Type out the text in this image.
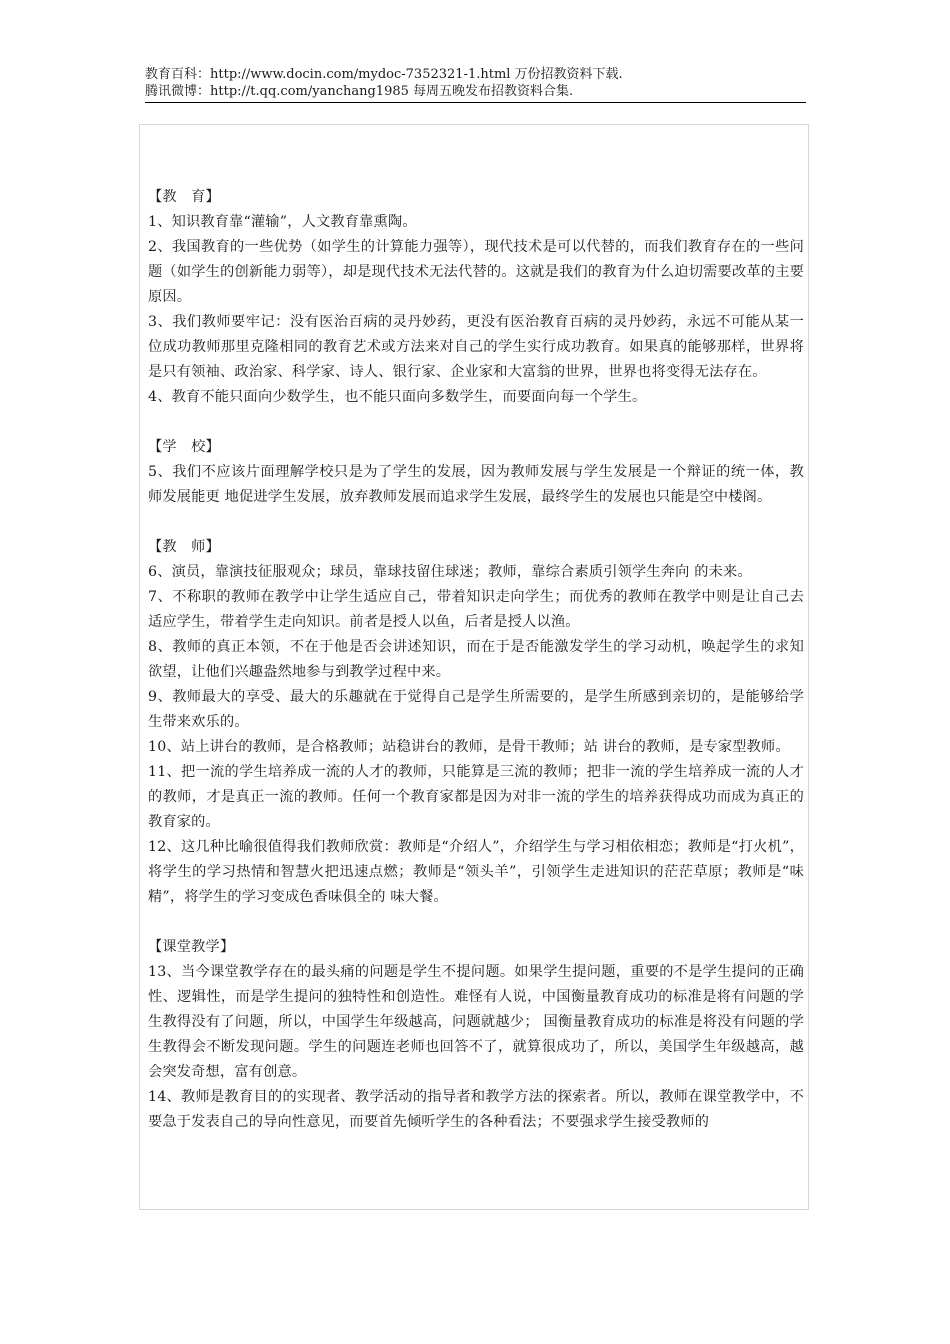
教育百科：http://www.docin.com/mydoc-7352321-1.html 万份招教资料下载.
腾讯微博：http://t.qq.com/yanchang1985 每周五晚发布招教资料合集.

【教　育】

1、知识教育靠“灌输”，人文教育靠熏陶。

2、我国教育的一些优势（如学生的计算能力强等），现代技术是可以代替的，而我们教育存在的一些问题（如学生的创新能力弱等），却是现代技术无法代替的。这就是我们的教育为什么迫切需要改革的主要原因。

3、我们教师要牢记：没有医治百病的灵丹妙药，更没有医治教育百病的灵丹妙药，永远不可能从某一位成功教师那里克隆相同的教育艺术或方法来对自己的学生实行成功教育。如果真的能够那样，世界将是只有领袖、政治家、科学家、诗人、银行家、企业家和大富翁的世界，世界也将变得无法存在。

4、教育不能只面向少数学生，也不能只面向多数学生，而要面向每一个学生。

【学　校】

5、我们不应该片面理解学校只是为了学生的发展，因为教师发展与学生发展是一个辩证的统一体，教师发展能更 地促进学生发展，放弃教师发展而追求学生发展，最终学生的发展也只能是空中楼阁。

【教　师】

6、演员，靠演技征服观众；球员，靠球技留住球迷；教师，靠综合素质引领学生奔向 的未来。

7、不称职的教师在教学中让学生适应自己，带着知识走向学生；而优秀的教师在教学中则是让自己去适应学生，带着学生走向知识。前者是授人以鱼，后者是授人以渔。

8、教师的真正本领，不在于他是否会讲述知识，而在于是否能激发学生的学习动机，唤起学生的求知欲望，让他们兴趣盎然地参与到教学过程中来。

9、教师最大的享受、最大的乐趣就在于觉得自己是学生所需要的，是学生所感到亲切的，是能够给学生带来欢乐的。

10、站上讲台的教师，是合格教师；站稳讲台的教师，是骨干教师；站 讲台的教师，是专家型教师。

11、把一流的学生培养成一流的人才的教师，只能算是三流的教师；把非一流的学生培养成一流的人才的教师，才是真正一流的教师。任何一个教育家都是因为对非一流的学生的培养获得成功而成为真正的教育家的。

12、这几种比喻很值得我们教师欣赏：教师是“介绍人”，介绍学生与学习相依相恋；教师是“打火机”，将学生的学习热情和智慧火把迅速点燃；教师是“领头羊”，引领学生走进知识的茫茫草原；教师是“味精”，将学生的学习变成色香味俱全的 味大餐。

【课堂教学】

13、当今课堂教学存在的最头痛的问题是学生不提问题。如果学生提问题，重要的不是学生提问的正确性、逻辑性，而是学生提问的独特性和创造性。难怪有人说，中国衡量教育成功的标准是将有问题的学生教得没有了问题，所以，中国学生年级越高，问题就越少； 国衡量教育成功的标准是将没有问题的学生教得会不断发现问题。学生的问题连老师也回答不了，就算很成功了，所以，美国学生年级越高，越会突发奇想，富有创意。

14、教师是教育目的的实现者、教学活动的指导者和教学方法的探索者。所以，教师在课堂教学中，不要急于发表自己的导向性意见，而要首先倾听学生的各种看法；不要强求学生接受教师的
